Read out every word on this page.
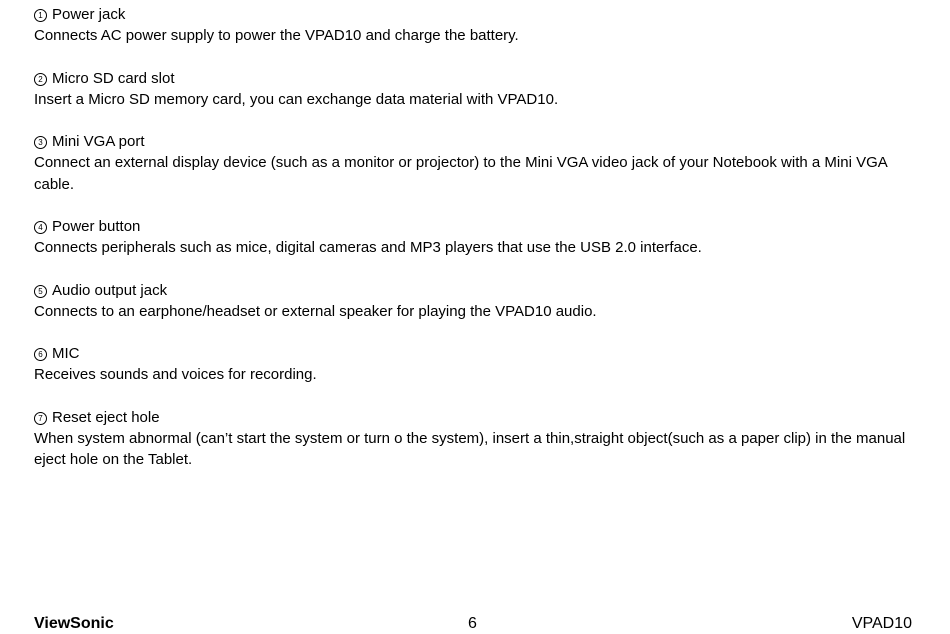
1 Power jack
Connects AC power supply to power the VPAD10 and charge the battery.
2 Micro SD card slot
Insert a Micro SD memory card, you can exchange data material with VPAD10.
3 Mini VGA port
Connect an external display device (such as a monitor or projector) to the Mini VGA video jack of your Notebook with a Mini VGA cable.
4 Power button
Connects peripherals such as mice, digital cameras and MP3 players that use the USB 2.0 interface.
5 Audio output jack
Connects to an earphone/headset or external speaker for playing the VPAD10 audio.
6 MIC
Receives sounds and voices for recording.
7 Reset eject hole
When system abnormal (can’t start the system or turn o the system), insert a thin,straight object(such as a paper clip) in the manual eject hole on the Tablet.
ViewSonic	6	VPAD10
